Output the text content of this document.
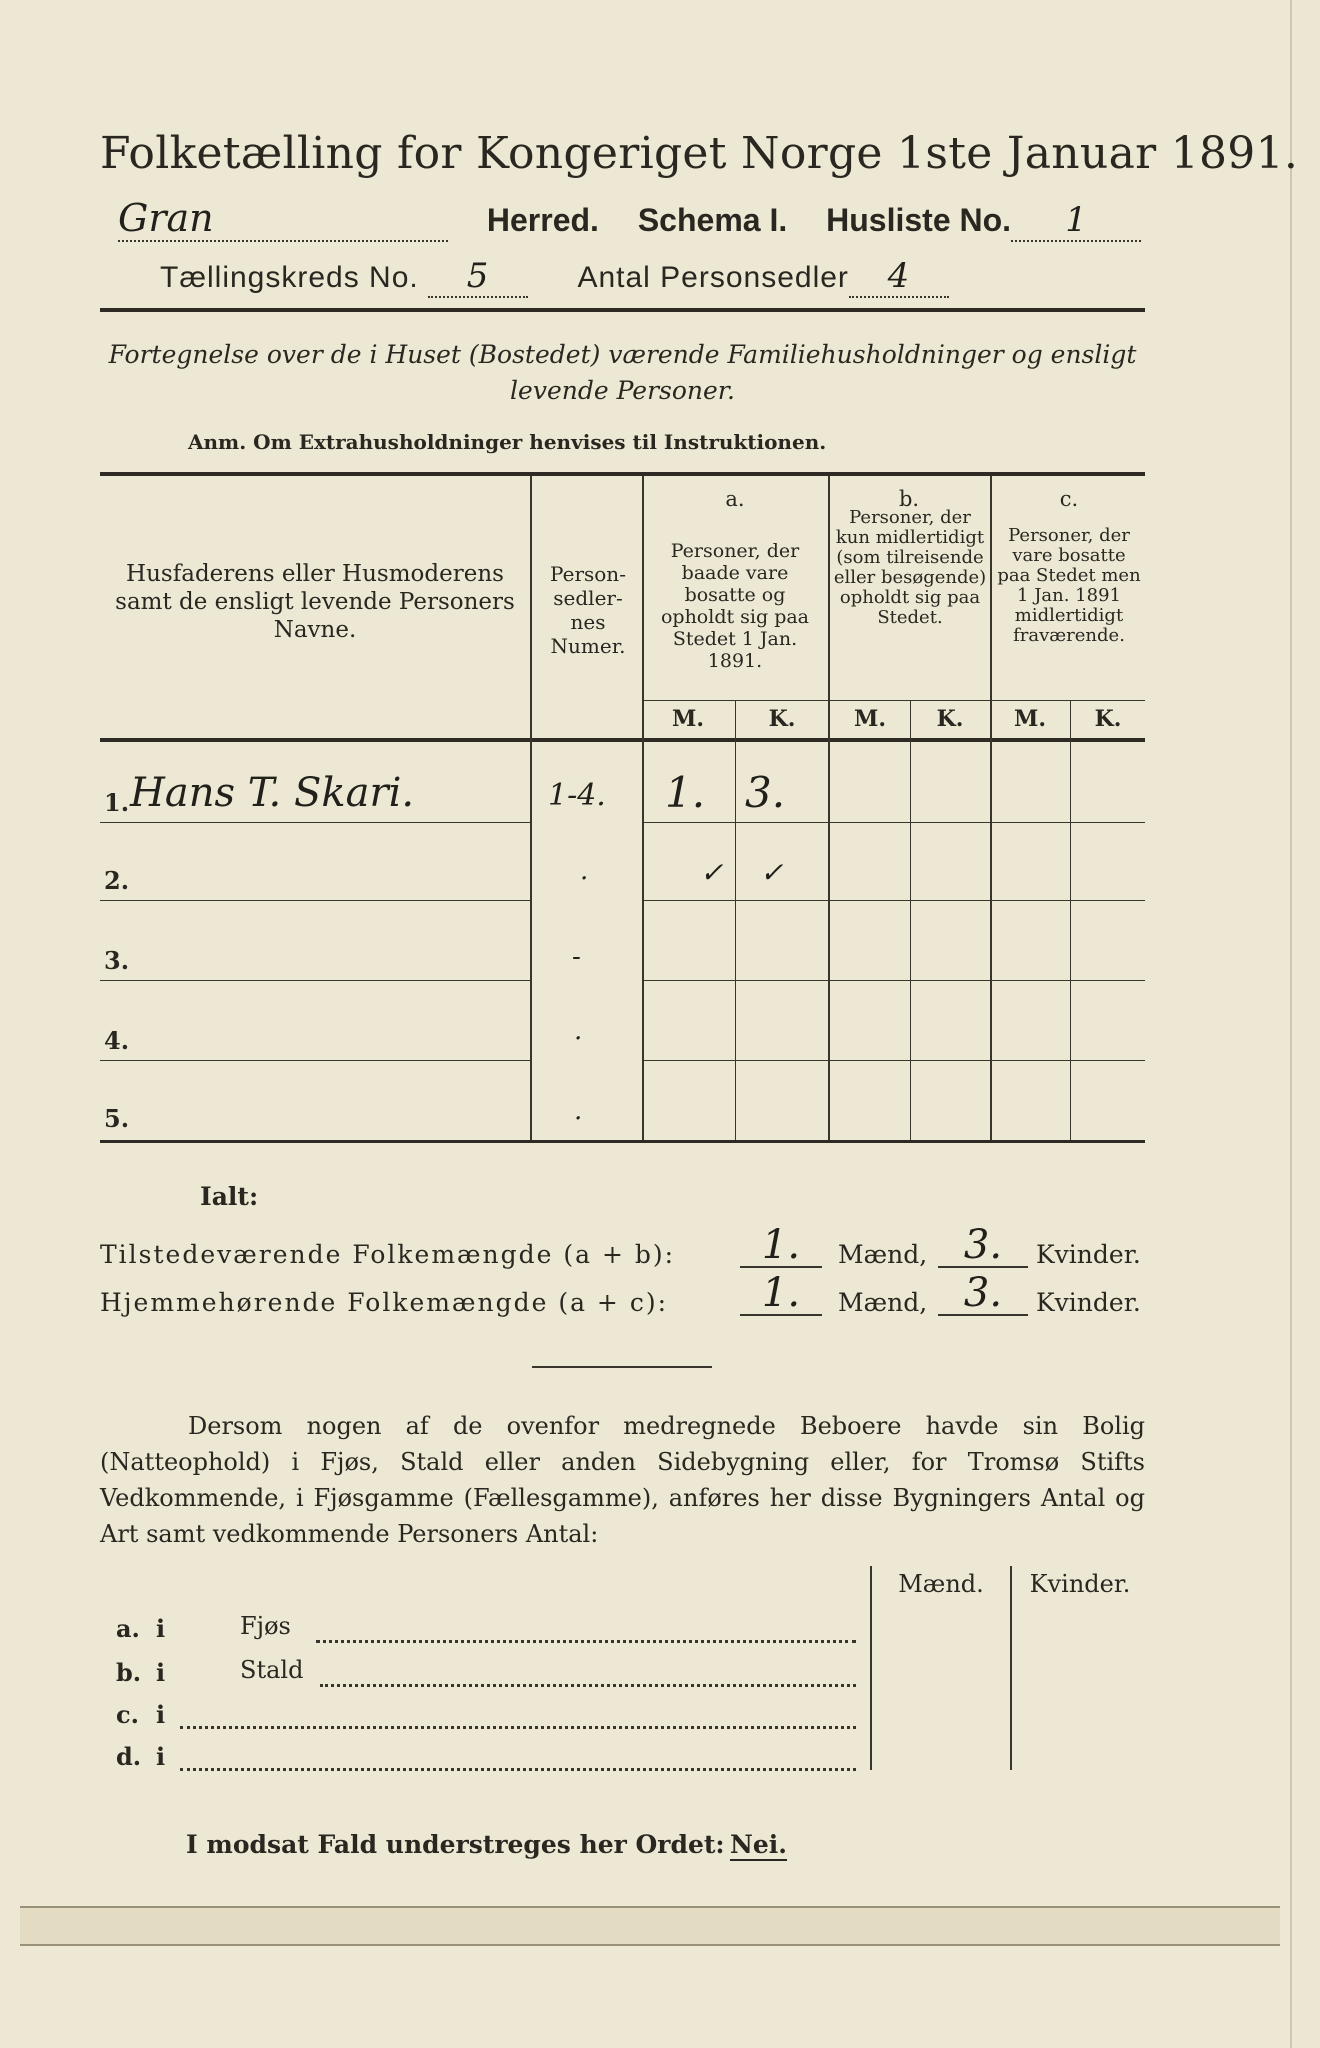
Folketælling for Kongeriget Norge 1ste Januar 1891.
Gran	Herred. Schema I. Husliste No. 1
Tællingskreds No. 5	Antal Personsedler 4
Fortegnelse over de i Huset (Bostedet) værende Familiehusholdninger og ensligt
levende Personer.
Anm. Om Extrahusholdninger henvises til Instruktionen.
Husfaderens eller Husmoderens samt de ensligt levende Personers Navne.
Person-sedler-nes Numer.
a.
Personer, der baade vare bosatte og opholdt sig paa Stedet 1 Jan. 1891.
b.
Personer, der kun midlertidigt (som tilreisende eller besøgende) opholdt sig paa Stedet.
c.
Personer, der vare bosatte paa Stedet men 1 Jan. 1891 midlertidigt fraværende.
M.	K.	M.	K.	M.	K.
1. Hans T. Skari.	1-4. 1. 3.
2.	.	✓ ✓
3.	-
4.	.
5.	.
Ialt:
Tilstedeværende Folkemængde (a + b):	1.	Mænd, 3.	Kvinder.
Hjemmehørende Folkemængde (a + c):	1.	Mænd, 3.	Kvinder.
Dersom nogen af de ovenfor medregnede Beboere havde sin Bolig (Natteophold) i Fjøs, Stald eller anden Sidebygning eller, for Tromsø Stifts Vedkommende, i Fjøsgamme (Fællesgamme), anføres her disse Bygningers Antal og Art samt vedkommende Personers Antal:
Mænd.	Kvinder.
a. i	Fjøs
b. i	Stald
c. i
d. i
I modsat Fald understreges her Ordet: Nei.
